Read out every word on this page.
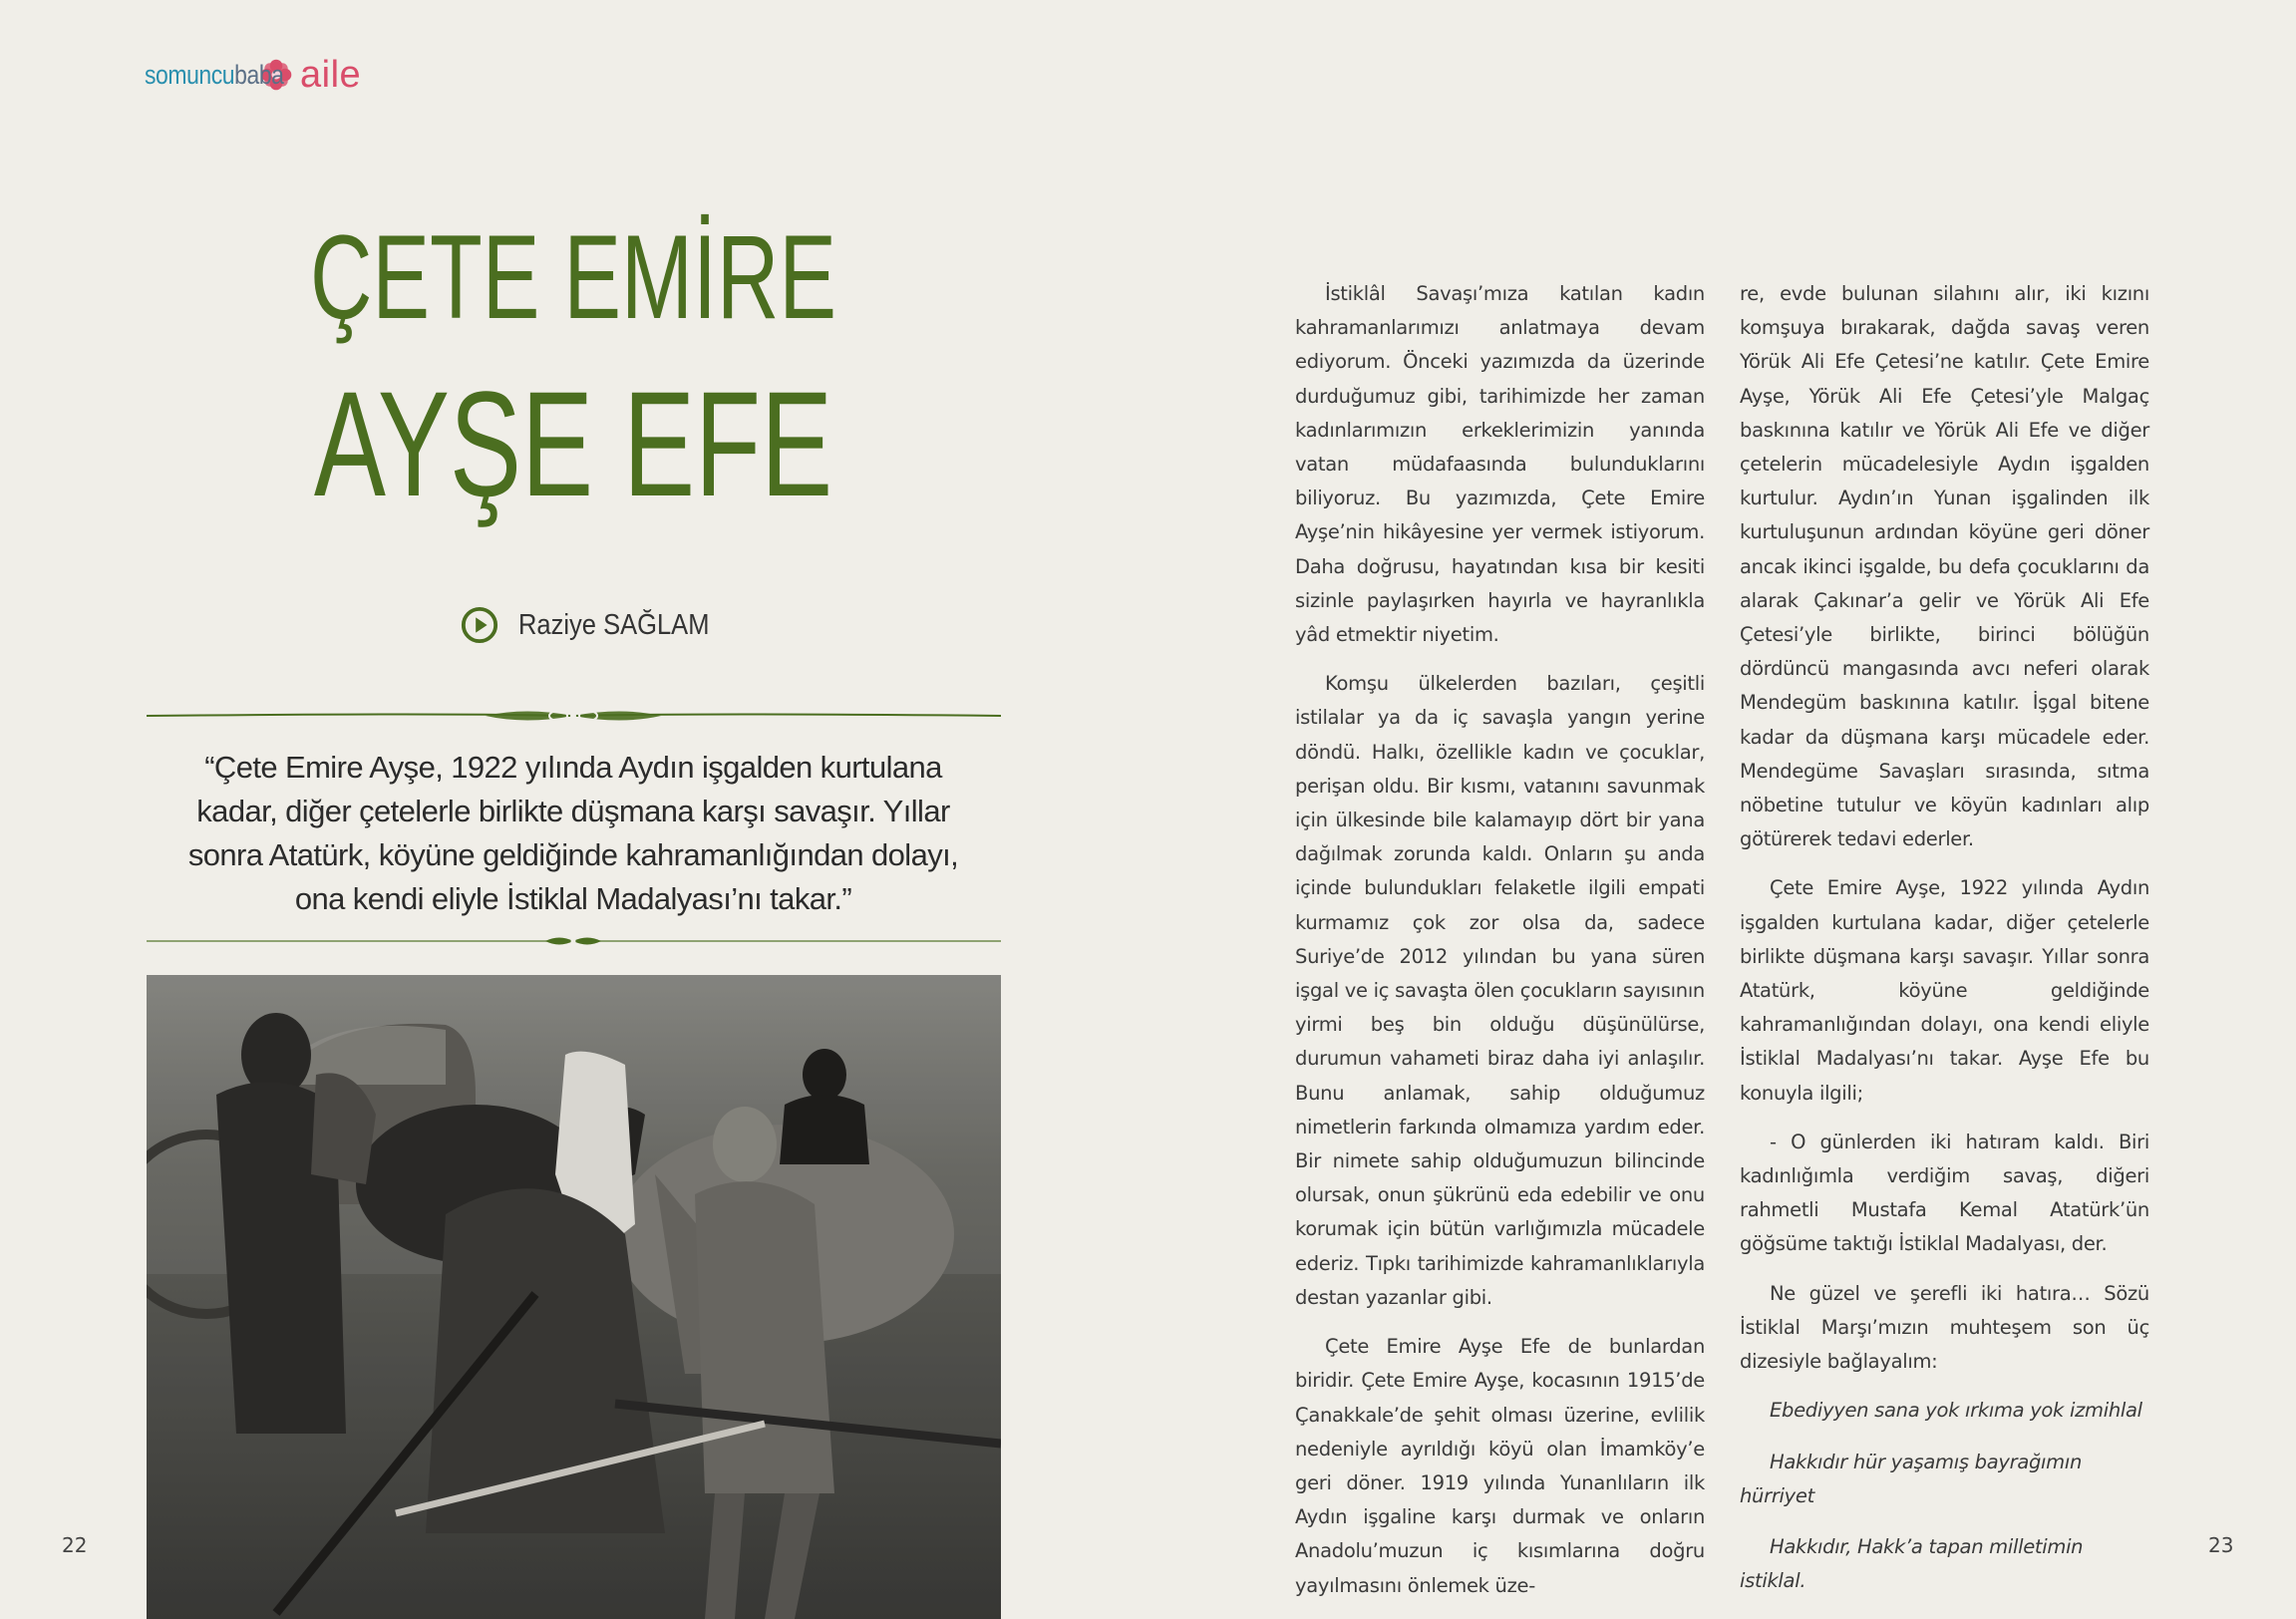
somuncubaba aile
ÇETE EMİRE
AYŞE EFE
Raziye SAĞLAM

“Çete Emire Ayşe, 1922 yılında Aydın işgalden kurtulana kadar, diğer çetelerle birlikte düşmana karşı savaşır. Yıllar sonra Atatürk, köyüne geldiğinde kahramanlığından dolayı, ona kendi eliyle İstiklal Madalyası’nı takar.”

İstiklâl Savaşı’mıza katılan kadın kahramanlarımızı anlatmaya devam ediyorum. Önceki yazımızda da üzerinde durduğumuz gibi, tarihimizde her zaman kadınlarımızın erkeklerimizin yanında vatan müdafaasında bulunduklarını biliyoruz. Bu yazımızda, Çete Emire Ayşe’nin hikâyesine yer vermek istiyorum. Daha doğrusu, hayatından kısa bir kesiti sizinle paylaşırken hayırla ve hayranlıkla yâd etmektir niyetim.

Komşu ülkelerden bazıları, çeşitli istilalar ya da iç savaşla yangın yerine döndü. Halkı, özellikle kadın ve çocuklar, perişan oldu. Bir kısmı, vatanını savunmak için ülkesinde bile kalamayıp dört bir yana dağılmak zorunda kaldı. Onların şu anda içinde bulundukları felaketle ilgili empati kurmamız çok zor olsa da, sadece Suriye’de 2012 yılından bu yana süren işgal ve iç savaşta ölen çocukların sayısının yirmi beş bin olduğu düşünülürse, durumun vahameti biraz daha iyi anlaşılır. Bunu anlamak, sahip olduğumuz nimetlerin farkında olmamıza yardım eder. Bir nimete sahip olduğumuzun bilincinde olursak, onun şükrünü eda edebilir ve onu korumak için bütün varlığımızla mücadele ederiz. Tıpkı tarihimizde kahramanlıklarıyla destan yazanlar gibi.

Çete Emire Ayşe Efe de bunlardan biridir. Çete Emire Ayşe, kocasının 1915’de Çanakkale’de şehit olması üzerine, evlilik nedeniyle ayrıldığı köyü olan İmamköy’e geri döner. 1919 yılında Yunanlıların ilk Aydın işgaline karşı durmak ve onların Anadolu’muzun iç kısımlarına doğru yayılmasını önlemek üze-

re, evde bulunan silahını alır, iki kızını komşuya bırakarak, dağda savaş veren Yörük Ali Efe Çetesi’ne katılır. Çete Emire Ayşe, Yörük Ali Efe Çetesi’yle Malgaç baskınına katılır ve Yörük Ali Efe ve diğer çetelerin mücadelesiyle Aydın işgalden kurtulur. Aydın’ın Yunan işgalinden ilk kurtuluşunun ardından köyüne geri döner ancak ikinci işgalde, bu defa çocuklarını da alarak Çakınar’a gelir ve Yörük Ali Efe Çetesi’yle birlikte, birinci bölüğün dördüncü mangasında avcı neferi olarak Mendegüm baskınına katılır. İşgal bitene kadar da düşmana karşı mücadele eder. Mendegüme Savaşları sırasında, sıtma nöbetine tutulur ve köyün kadınları alıp götürerek tedavi ederler.

Çete Emire Ayşe, 1922 yılında Aydın işgalden kurtulana kadar, diğer çetelerle birlikte düşmana karşı savaşır. Yıllar sonra Atatürk, köyüne geldiğinde kahramanlığından dolayı, ona kendi eliyle İstiklal Madalyası’nı takar. Ayşe Efe bu konuyla ilgili;

- O günlerden iki hatıram kaldı. Biri kadınlığımla verdiğim savaş, diğeri rahmetli Mustafa Kemal Atatürk’ün göğsüme taktığı İstiklal Madalyası, der.

Ne güzel ve şerefli iki hatıra… Sözü İstiklal Marşı’mızın muhteşem son üç dizesiyle bağlayalım:

Ebediyyen sana yok ırkıma yok izmihlal

Hakkıdır hür yaşamış bayrağımın hürriyet

Hakkıdır, Hakk’a tapan milletimin istiklal.

22	23
